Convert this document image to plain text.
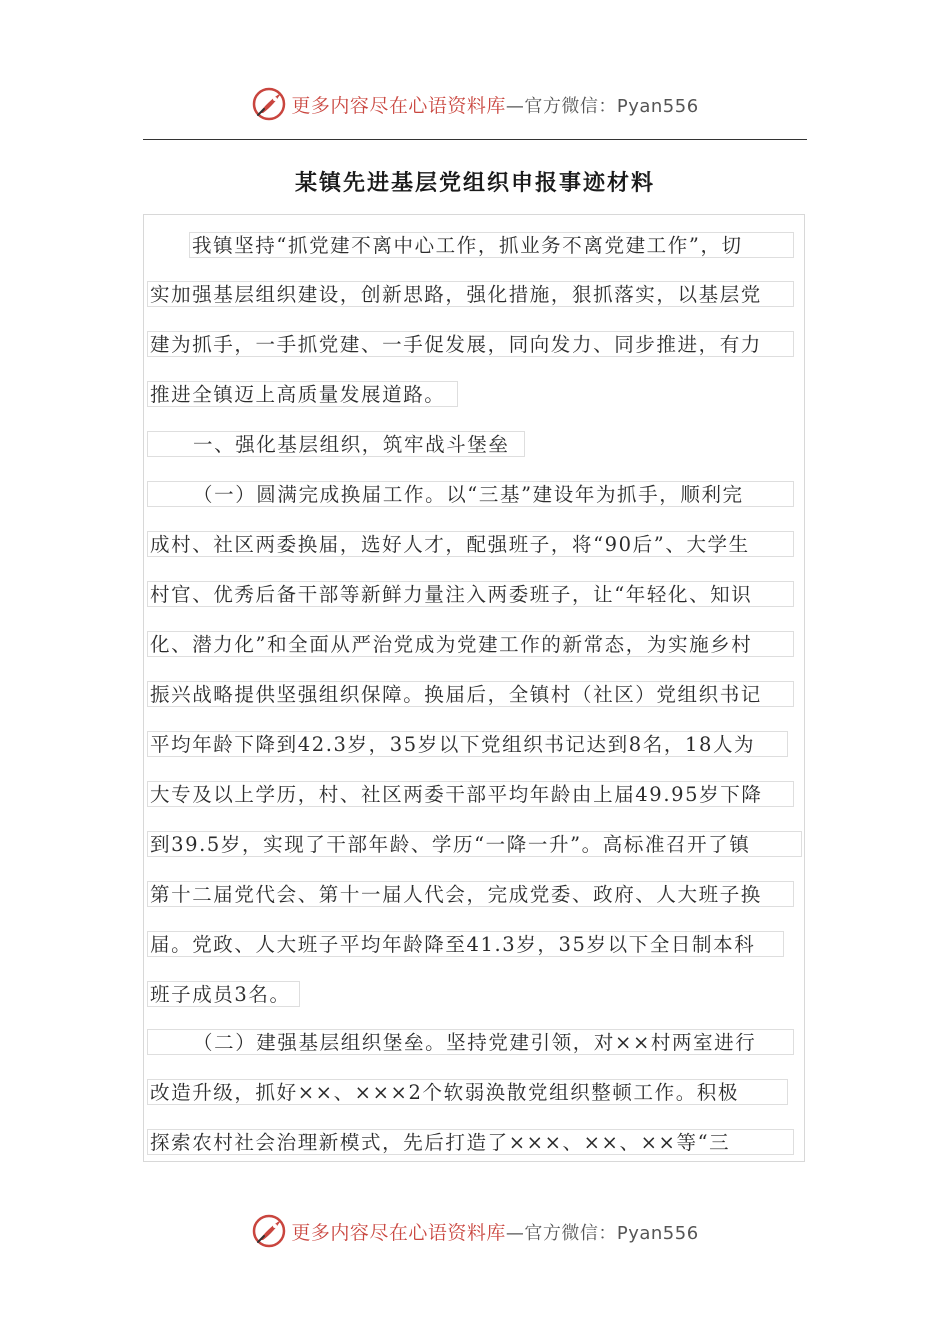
更多内容尽在心语资料库—官方微信：Pyan556
某镇先进基层党组织申报事迹材料
我镇坚持“抓党建不离中心工作，抓业务不离党建工作”，切
实加强基层组织建设，创新思路，强化措施，狠抓落实，以基层党
建为抓手，一手抓党建、一手促发展，同向发力、同步推进，有力
推进全镇迈上高质量发展道路。
一、强化基层组织，筑牢战斗堡垒
（一）圆满完成换届工作。以“三基”建设年为抓手，顺利完
成村、社区两委换届，选好人才，配强班子，将“90后”、大学生
村官、优秀后备干部等新鲜力量注入两委班子，让“年轻化、知识
化、潜力化”和全面从严治党成为党建工作的新常态，为实施乡村
振兴战略提供坚强组织保障。换届后，全镇村（社区）党组织书记
平均年龄下降到42.3岁，35岁以下党组织书记达到8名，18人为
大专及以上学历，村、社区两委干部平均年龄由上届49.95岁下降
到39.5岁，实现了干部年龄、学历“一降一升”。高标准召开了镇
第十二届党代会、第十一届人代会，完成党委、政府、人大班子换
届。党政、人大班子平均年龄降至41.3岁，35岁以下全日制本科
班子成员3名。
（二）建强基层组织堡垒。坚持党建引领，对××村两室进行
改造升级，抓好××、×××2个软弱涣散党组织整顿工作。积极
探索农村社会治理新模式，先后打造了×××、××、××等“三
更多内容尽在心语资料库—官方微信：Pyan556
